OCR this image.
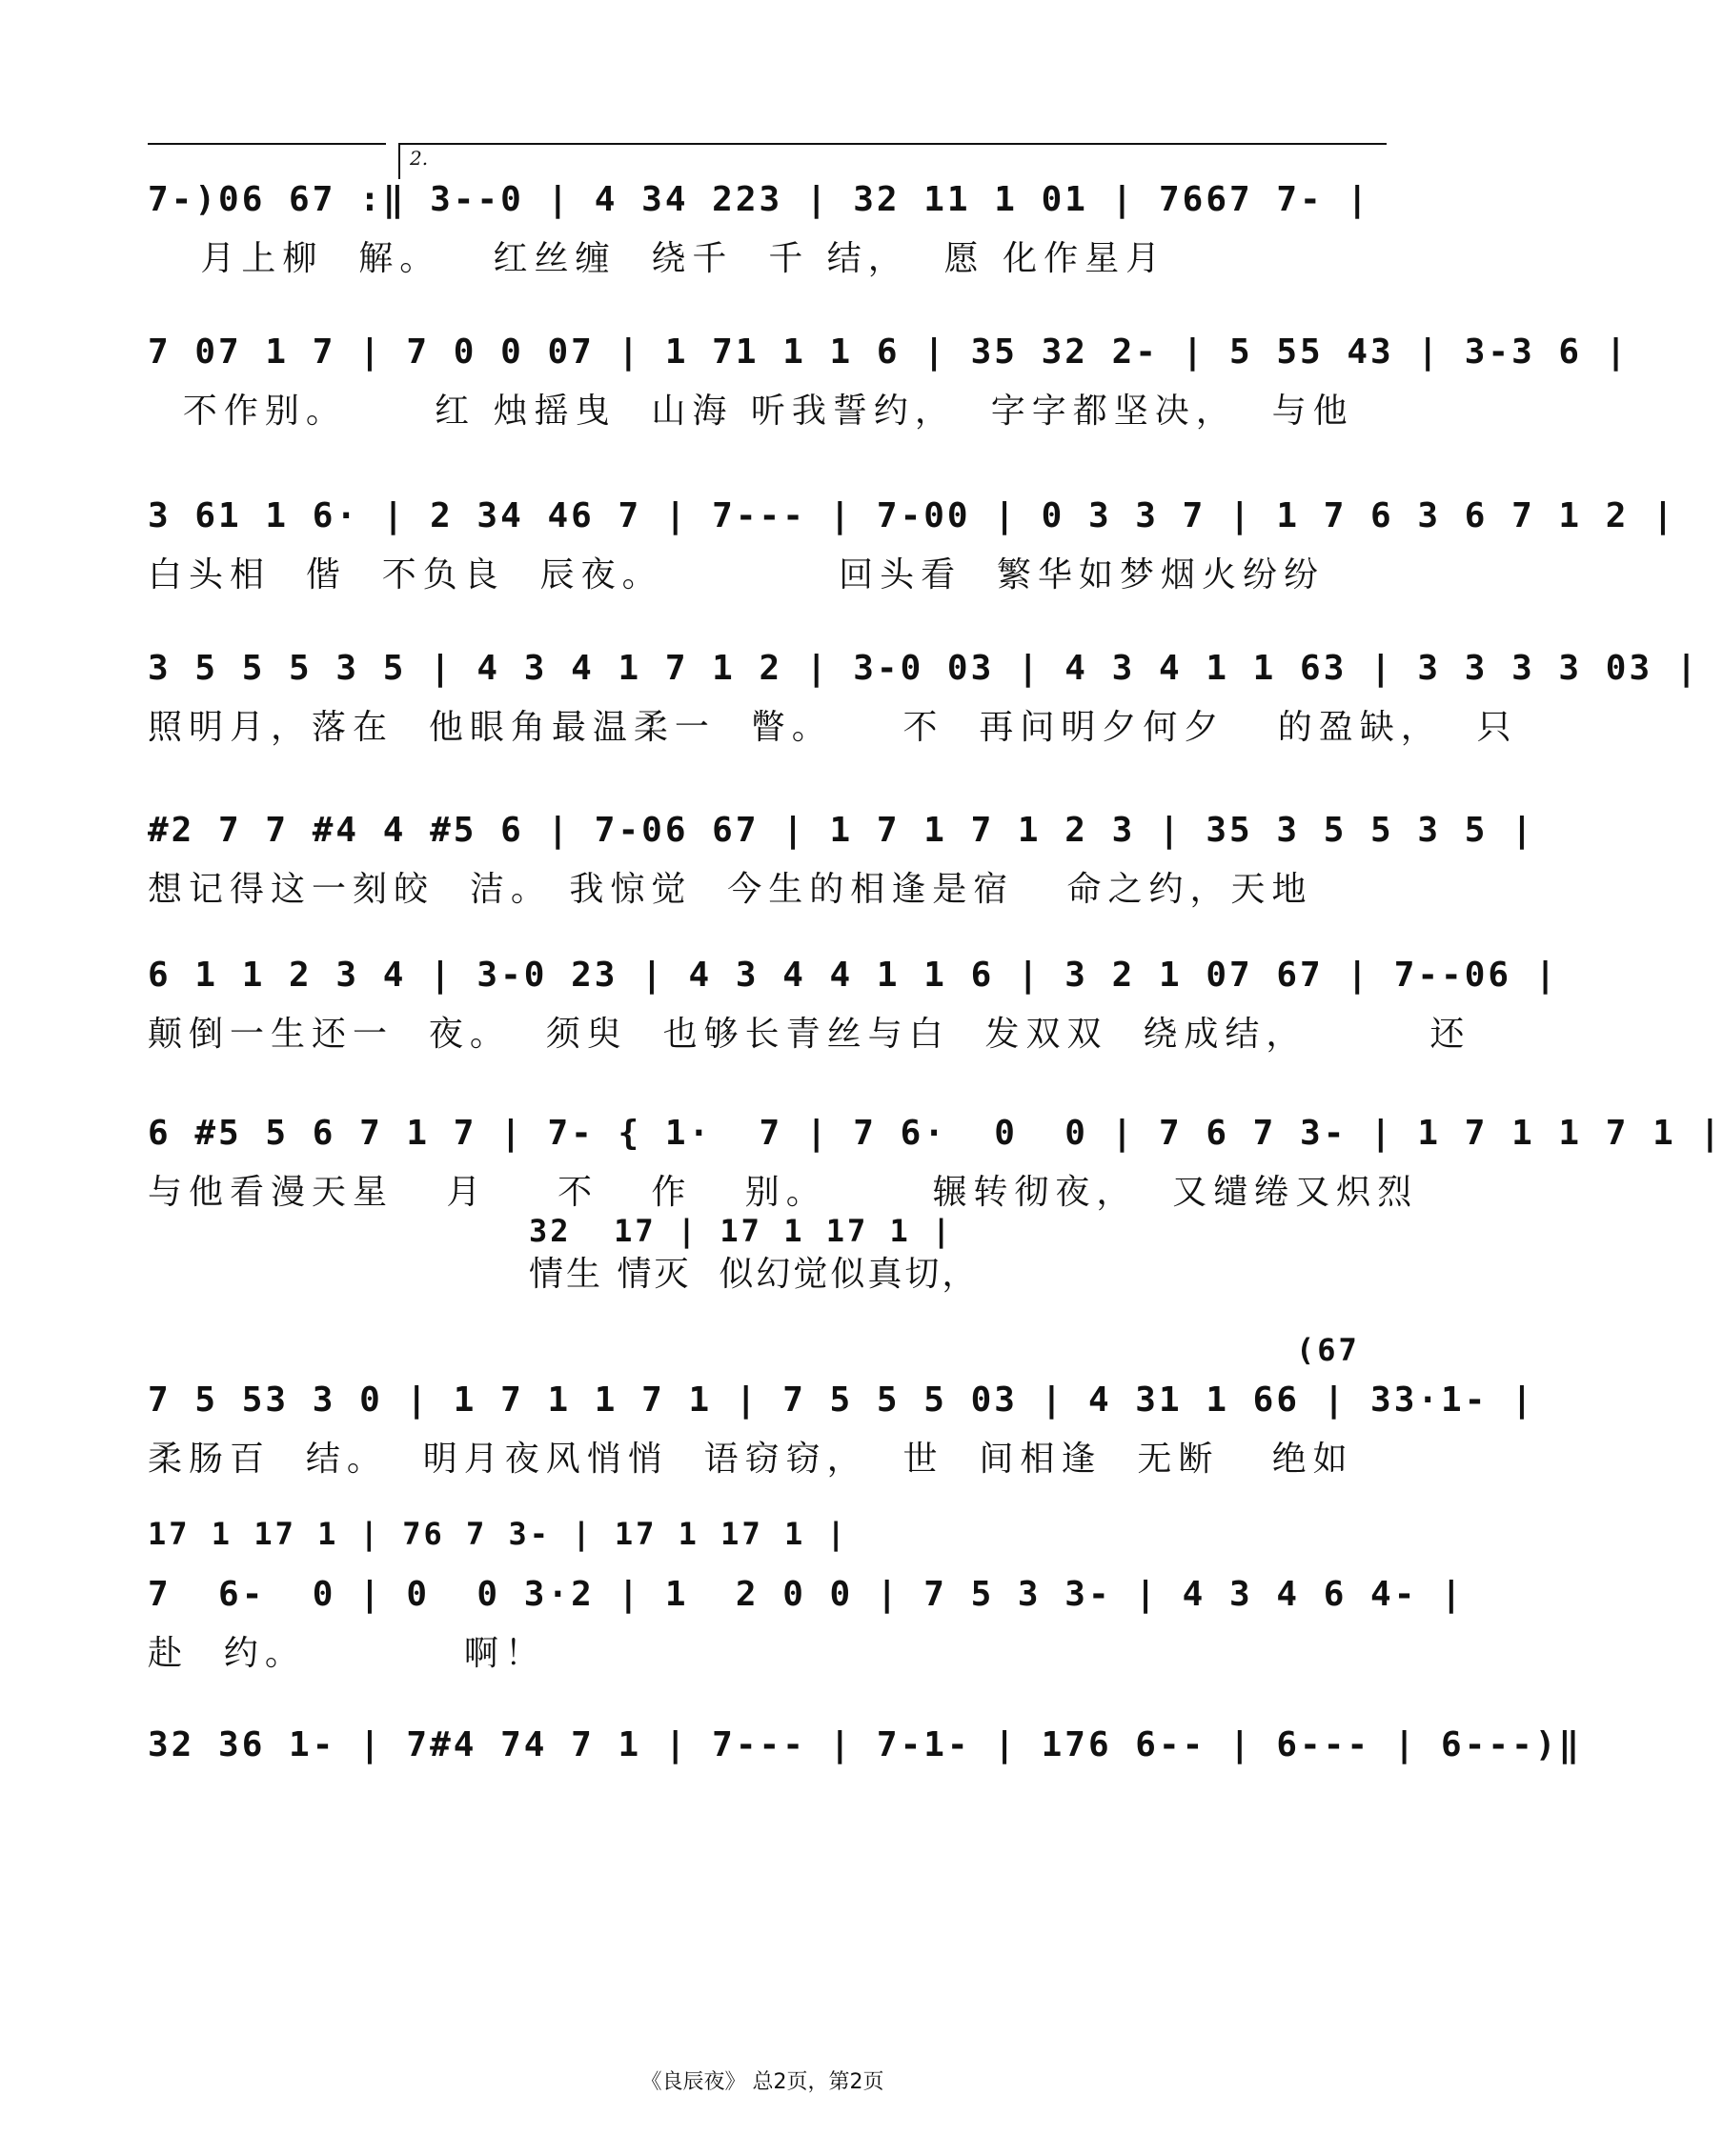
2.
7-)06 67 :‖ 3--0 | 4 34 223 | 32 11 1 01 | 7667 7- |
月上柳  解。   红丝缠  绕千  千 结，  愿 化作星月
7 07 1 7 | 7 0 0 07 | 1 71 1 1 6 | 35 32 2- | 5 55 43 | 3-3 6 |
不作别。     红 烛摇曳  山海 听我誓约，  字字都坚决，  与他
3 61 1 6· | 2 34 46 7 | 7--- | 7-00 | 0 3 3 7 | 1 7 6 3 6 7 1 2 |
白头相  偕  不负良  辰夜。          回头看  繁华如梦烟火纷纷
3 5 5 5 3 5 | 4 3 4 1 7 1 2 | 3-0 03 | 4 3 4 1 1 63 | 3 3 3 3 03 |
照明月，落在  他眼角最温柔一  瞥。    不  再问明夕何夕   的盈缺，  只
#2 7 7 #4 4 #5 6 | 7-06 67 | 1 7 1 7 1 2 3 | 35 3 5 5 3 5 |
想记得这一刻皎  洁。 我惊觉  今生的相逢是宿   命之约，天地
6 1 1 2 3 4 | 3-0 23 | 4 3 4 4 1 1 6 | 3 2 1 07 67 | 7--06 |
颠倒一生还一  夜。  须臾  也够长青丝与白  发双双  绕成结，       还
6 #5 5 6 7 1 7 | 7- { 1·  7 | 7 6·  0  0 | 7 6 7 3- | 1 7 1 1 7 1 |
与他看漫天星   月    不   作   别。      辗转彻夜，  又缱绻又炽烈
32  17 | 17 1 17 1 |
情生 情灭  似幻觉似真切，
(67
7 5 53 3 0 | 1 7 1 1 7 1 | 7 5 5 5 03 | 4 31 1 66 | 33·1- |
柔肠百  结。  明月夜风悄悄  语窃窃，  世  间相逢  无断   绝如
17 1 17 1 | 76 7 3- | 17 1 17 1 |
7  6-  0 | 0  0 3·2 | 1  2 0 0 | 7 5 3 3- | 4 3 4 6 4- |
赴  约。         啊！
32 36 1- | 7#4 74 7 1 | 7--- | 7-1- | 176 6-- | 6--- | 6---)‖
《良辰夜》 总2页，第2页
